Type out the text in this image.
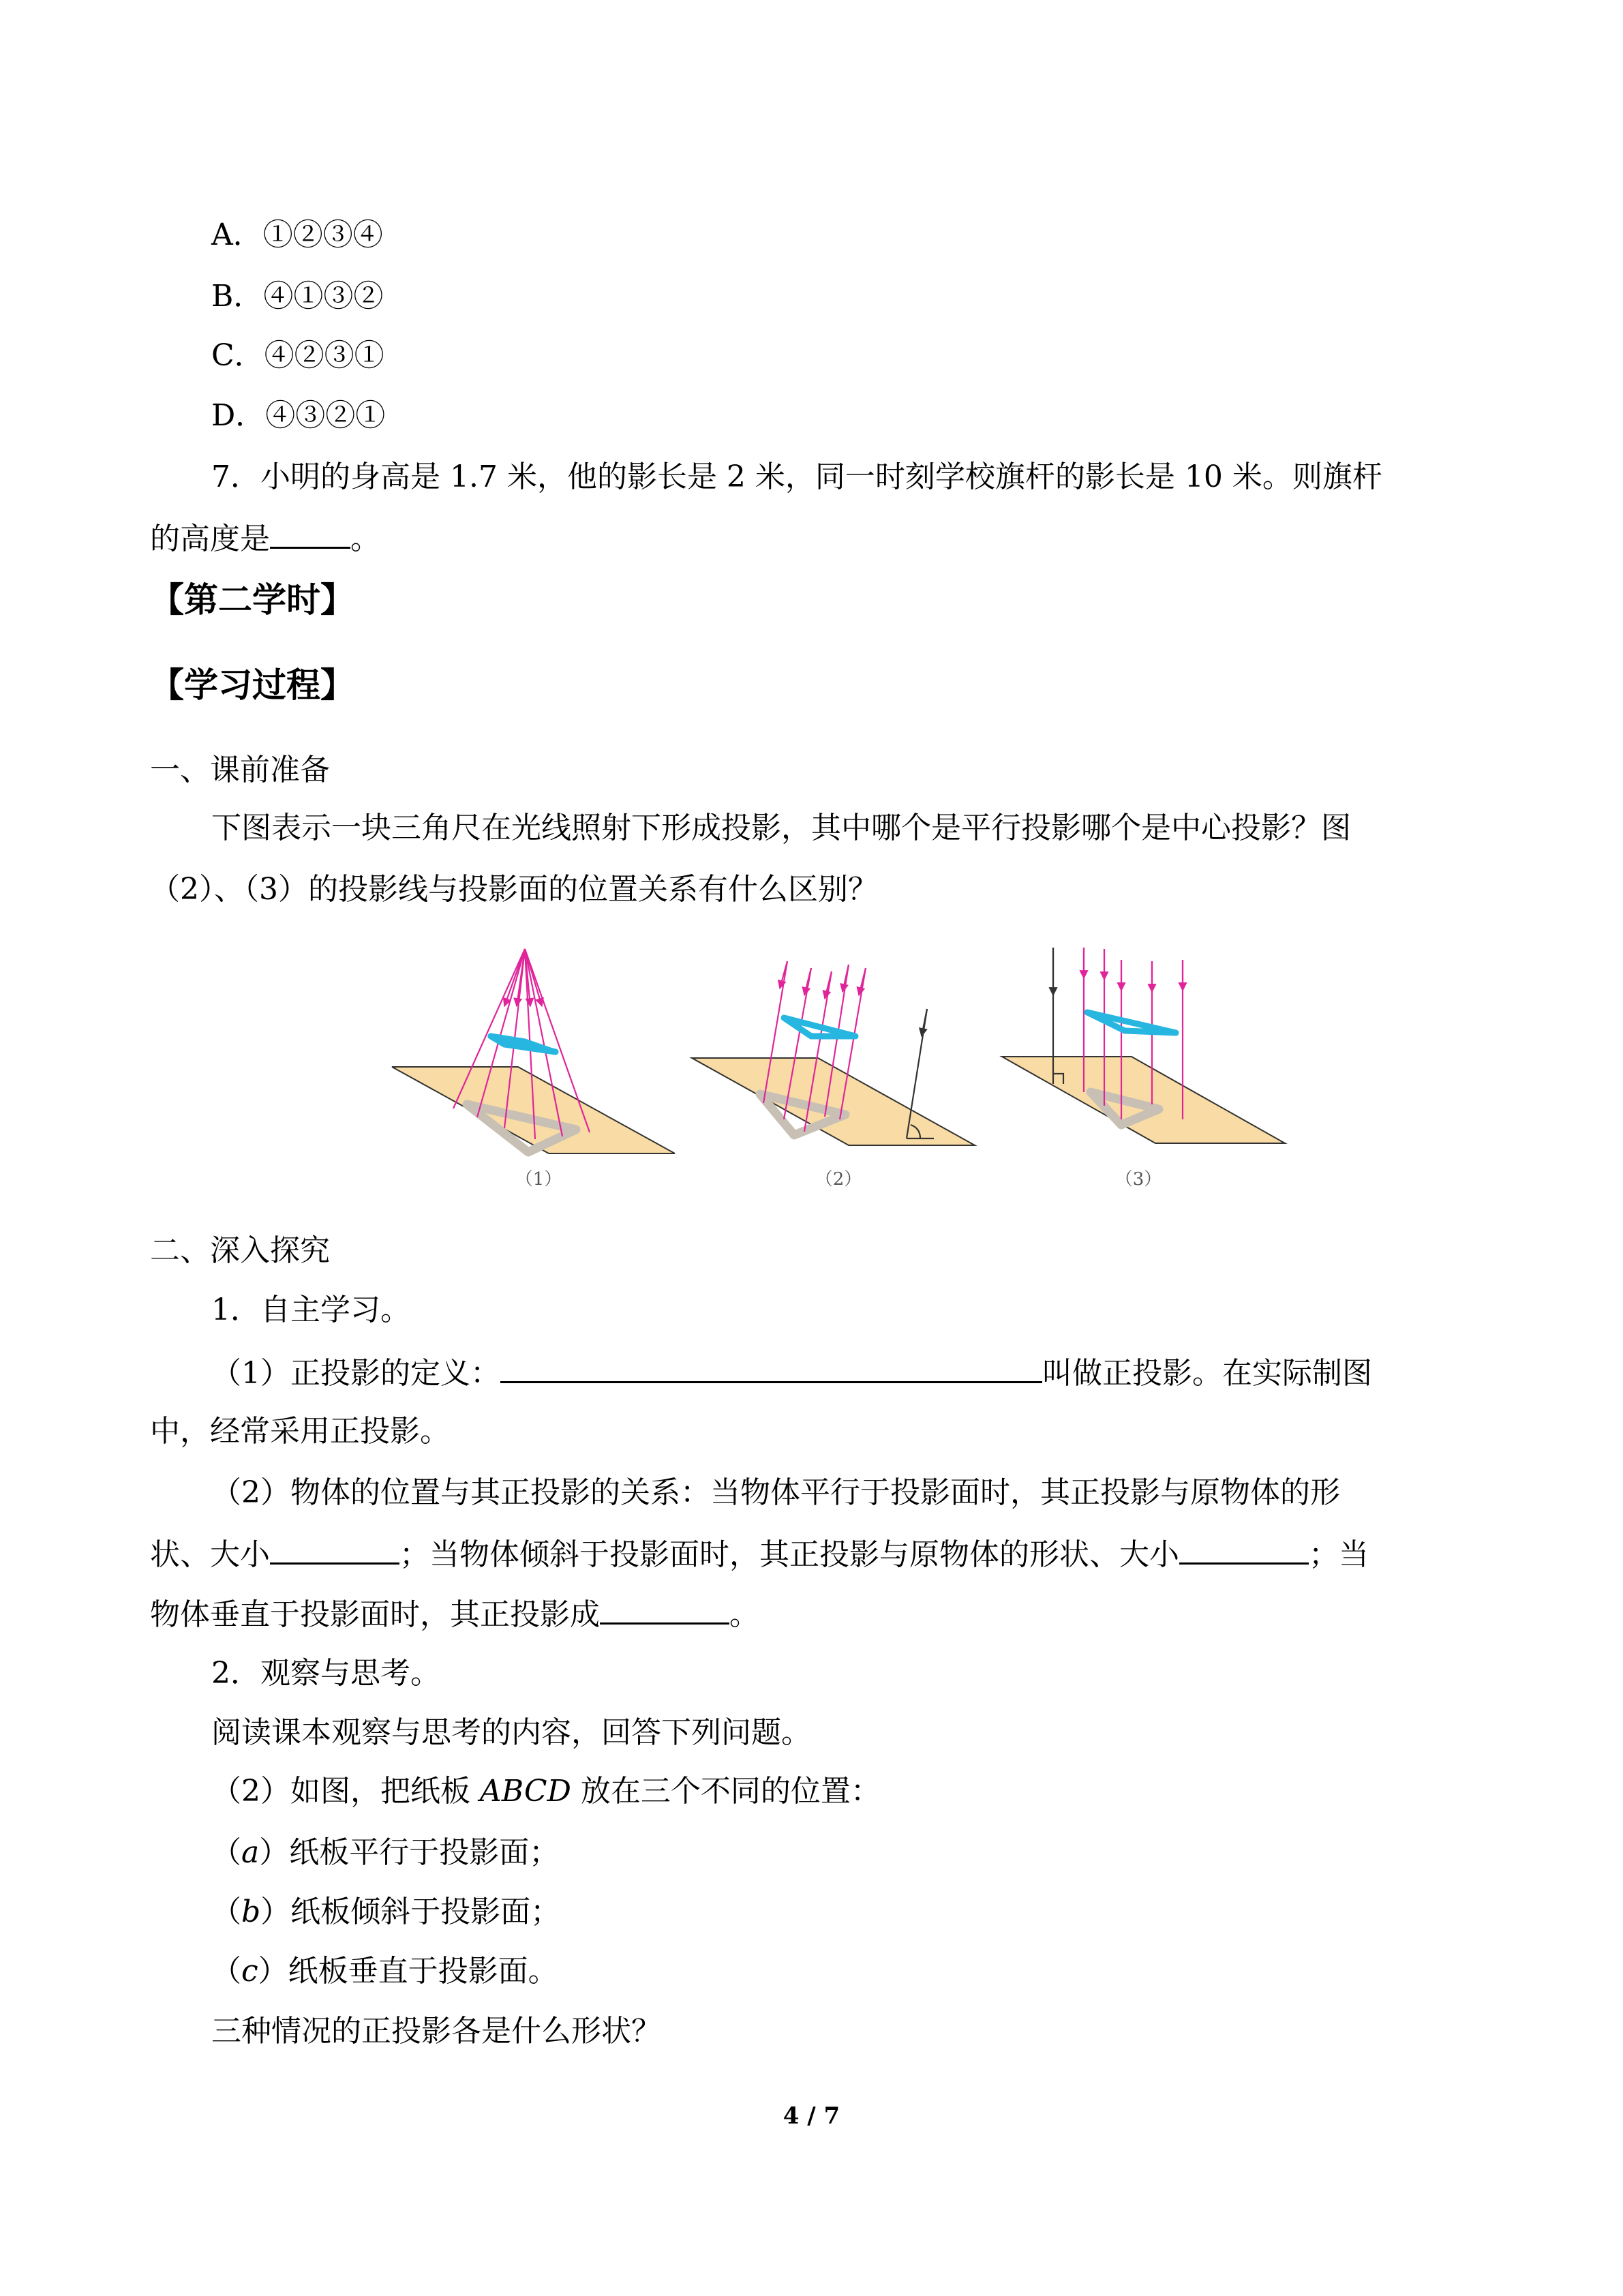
A．①②③④
B．④①③②
C．④②③①
D．④③②①
7．小明的身高是 1.7 米，他的影长是 2 米，同一时刻学校旗杆的影长是 10 米。则旗杆
的高度是	。
【第二学时】
【学习过程】
一、课前准备
下图表示一块三角尺在光线照射下形成投影，其中哪个是平行投影哪个是中心投影？图
（2）、（3）的投影线与投影面的位置关系有什么区别？
（1）	（2）	（3）
二、深入探究
1．自主学习。
（1）正投影的定义：	叫做正投影。在实际制图
中，经常采用正投影。
（2）物体的位置与其正投影的关系：当物体平行于投影面时，其正投影与原物体的形
状、大小	；当物体倾斜于投影面时，其正投影与原物体的形状、大小	；当
物体垂直于投影面时，其正投影成	。
2．观察与思考。
阅读课本观察与思考的内容，回答下列问题。
（2）如图，把纸板 ABCD 放在三个不同的位置：
（a）纸板平行于投影面；
（b）纸板倾斜于投影面；
（c）纸板垂直于投影面。
三种情况的正投影各是什么形状？
4 / 7
